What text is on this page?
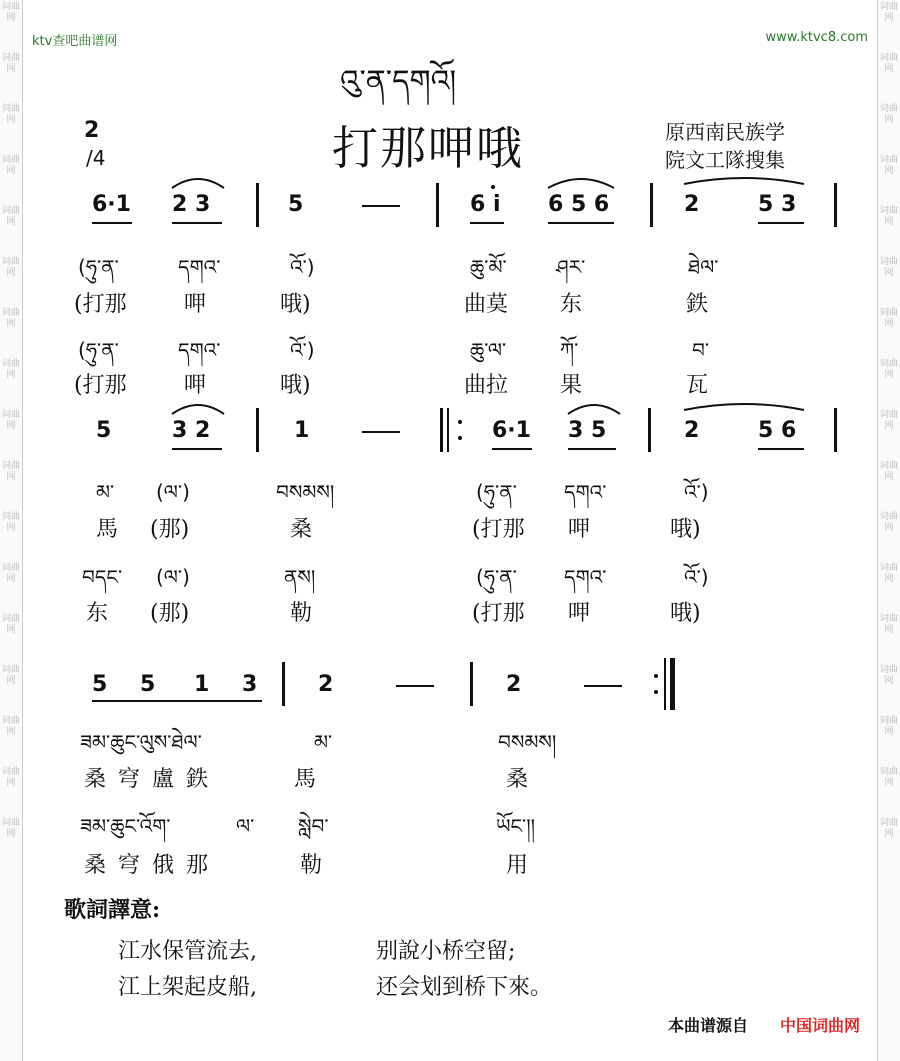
词曲网
词曲网
词曲网
词曲网
词曲网
词曲网
词曲网
词曲网
词曲网
词曲网
词曲网
词曲网
词曲网
词曲网
词曲网
词曲网
词曲网
词曲网
词曲网
词曲网
词曲网
词曲网
词曲网
词曲网
词曲网
词曲网
词曲网
词曲网
词曲网
词曲网
词曲网
词曲网
词曲网
词曲网
ktv查吧曲谱网	www.ktvc8.com
འུ་ན་དགའོ།
打那呷哦
2
/4
原西南民族学
院文工隊搜集
6·1 2 3	5	6 i 6 5 6	2	5 3
(ཧུ་ན་	དགའ་	འོ་)	ཆུ་མོ་ ཤར་	ཐེལ་
(打那	呷	哦)	曲莫 东	鉄
(ཧུ་ན་	དགའ་	འོ་)	ཆུ་ལ་	ཀོ་	བ་
(打那	呷	哦)	曲拉 果	瓦
5	3 2	1	6·1 3 5	2	5 6
མ་ (ལ་)	བསམས།	(ཧུ་ན་ དགའ་	འོ་)
馬 (那)	桑	(打那 呷	哦)
བདང་ (ལ་)	ནས།	(ཧུ་ན་ དགའ་	འོ་)
东 (那)	勒	(打那 呷	哦)
5 5 1 3	2	2
ཟམ་ཆུང་ལུས་ཐེལ་	མ་	བསམས།
桑穹盧鉄	馬	桑
ཟམ་ཆུང་འོག་	ལ་ སླེབ་	ཡོང་།།
桑穹俄那	勒	用
歌詞譯意:
江水保管流去,	别說小桥空留;
江上架起皮船,	还会划到桥下來。
本曲谱源自 中国词曲网
